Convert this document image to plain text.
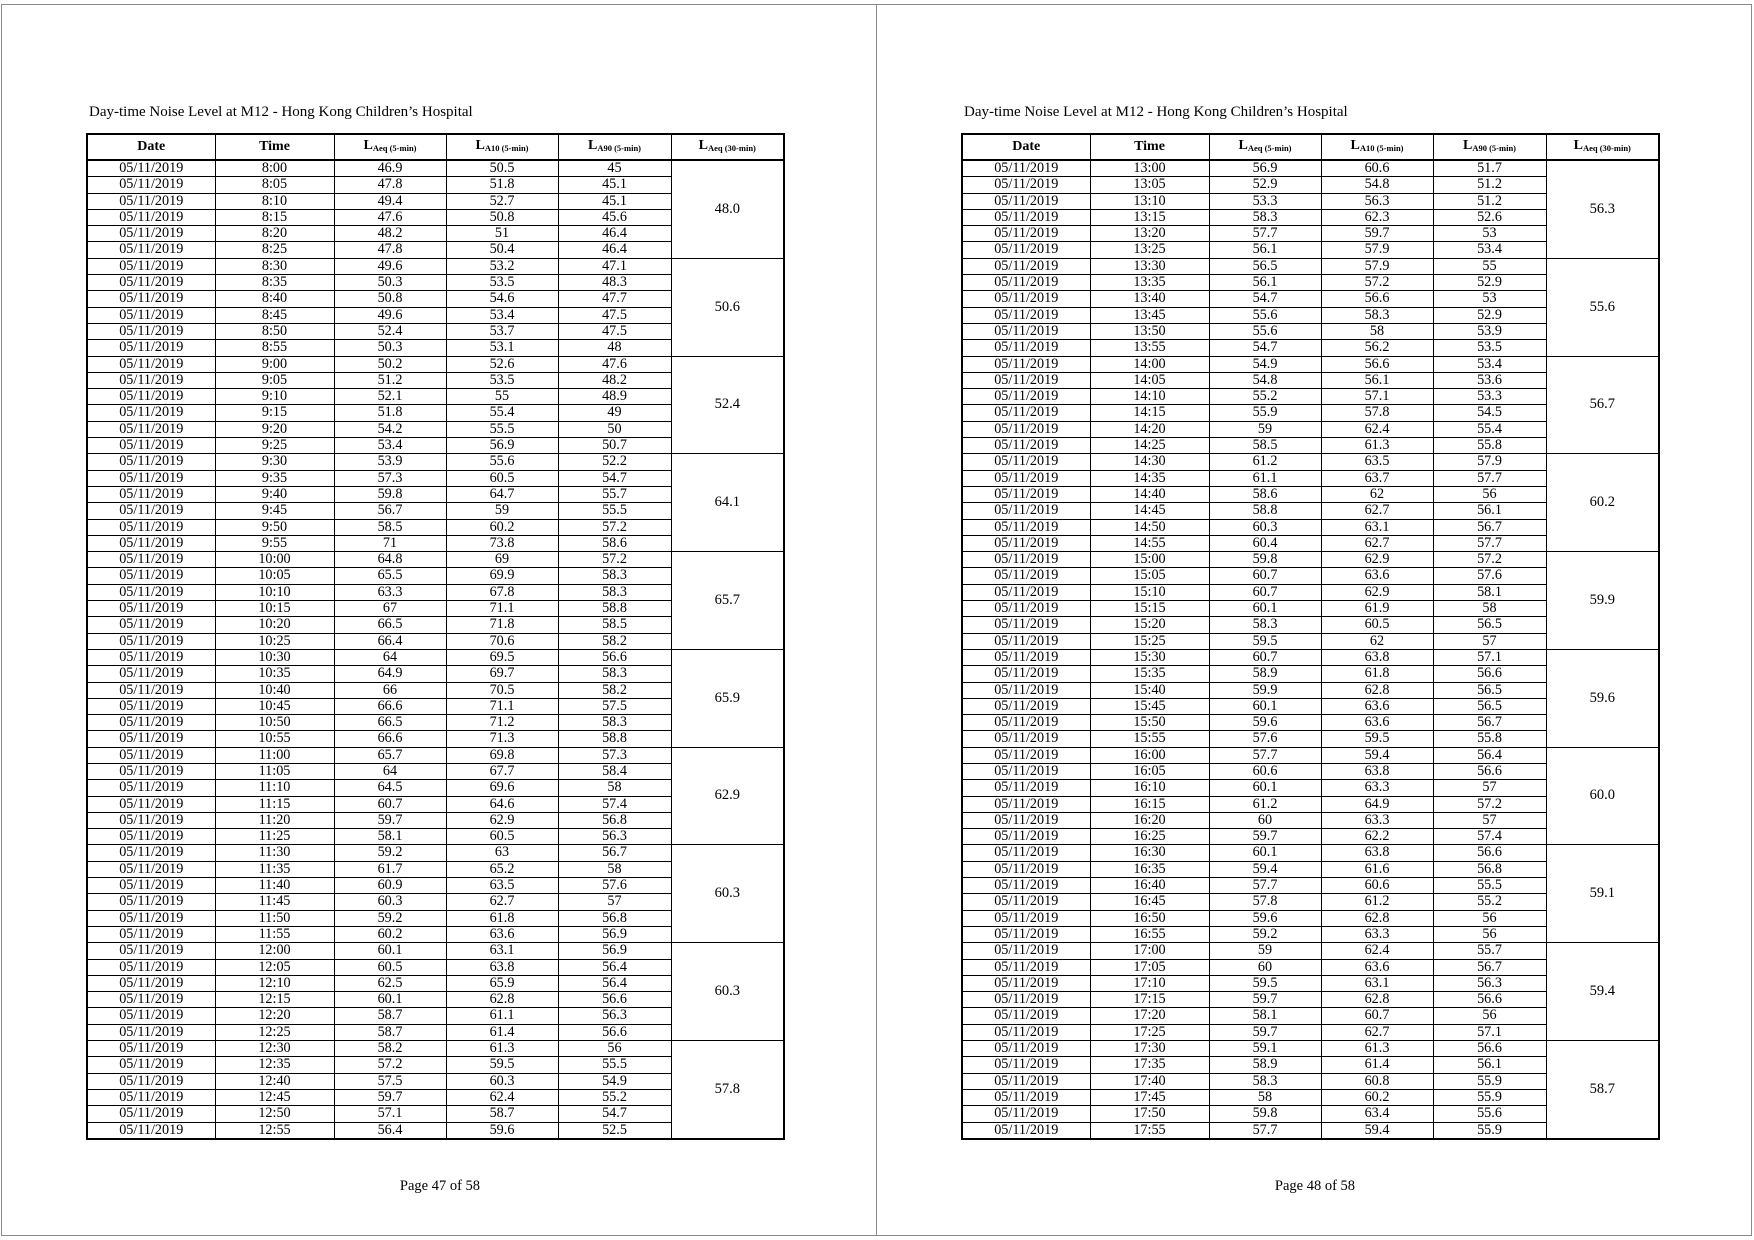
Day-time Noise Level at M12 - Hong Kong Children’s Hospital
Date	Time	$L_{Aeq (5-min)}$	$L_{A10 (5-min)}$	$L_{A90 (5-min)}$	$L_{Aeq (30-min)}$
05/11/2019	8:00	46.9	50.5	45	48.0
05/11/2019	8:05	47.8	51.8	45.1	
05/11/2019	8:10	49.4	52.7	45.1	
05/11/2019	8:15	47.6	50.8	45.6	
05/11/2019	8:20	48.2	51	46.4	
05/11/2019	8:25	47.8	50.4	46.4	
05/11/2019	8:30	49.6	53.2	47.1	50.6
05/11/2019	8:35	50.3	53.5	48.3	
05/11/2019	8:40	50.8	54.6	47.7	
05/11/2019	8:45	49.6	53.4	47.5	
05/11/2019	8:50	52.4	53.7	47.5	
05/11/2019	8:55	50.3	53.1	48	
05/11/2019	9:00	50.2	52.6	47.6	52.4
05/11/2019	9:05	51.2	53.5	48.2	
05/11/2019	9:10	52.1	55	48.9	
05/11/2019	9:15	51.8	55.4	49	
05/11/2019	9:20	54.2	55.5	50	
05/11/2019	9:25	53.4	56.9	50.7	
05/11/2019	9:30	53.9	55.6	52.2	64.1
05/11/2019	9:35	57.3	60.5	54.7	
05/11/2019	9:40	59.8	64.7	55.7	
05/11/2019	9:45	56.7	59	55.5	
05/11/2019	9:50	58.5	60.2	57.2	
05/11/2019	9:55	71	73.8	58.6	
05/11/2019	10:00	64.8	69	57.2	65.7
05/11/2019	10:05	65.5	69.9	58.3	
05/11/2019	10:10	63.3	67.8	58.3	
05/11/2019	10:15	67	71.1	58.8	
05/11/2019	10:20	66.5	71.8	58.5	
05/11/2019	10:25	66.4	70.6	58.2	
05/11/2019	10:30	64	69.5	56.6	65.9
05/11/2019	10:35	64.9	69.7	58.3	
05/11/2019	10:40	66	70.5	58.2	
05/11/2019	10:45	66.6	71.1	57.5	
05/11/2019	10:50	66.5	71.2	58.3	
05/11/2019	10:55	66.6	71.3	58.8	
05/11/2019	11:00	65.7	69.8	57.3	62.9
05/11/2019	11:05	64	67.7	58.4	
05/11/2019	11:10	64.5	69.6	58	
05/11/2019	11:15	60.7	64.6	57.4	
05/11/2019	11:20	59.7	62.9	56.8	
05/11/2019	11:25	58.1	60.5	56.3	
05/11/2019	11:30	59.2	63	56.7	60.3
05/11/2019	11:35	61.7	65.2	58	
05/11/2019	11:40	60.9	63.5	57.6	
05/11/2019	11:45	60.3	62.7	57	
05/11/2019	11:50	59.2	61.8	56.8	
05/11/2019	11:55	60.2	63.6	56.9	
05/11/2019	12:00	60.1	63.1	56.9	60.3
05/11/2019	12:05	60.5	63.8	56.4	
05/11/2019	12:10	62.5	65.9	56.4	
05/11/2019	12:15	60.1	62.8	56.6	
05/11/2019	12:20	58.7	61.1	56.3	
05/11/2019	12:25	58.7	61.4	56.6	
05/11/2019	12:30	58.2	61.3	56	57.8
05/11/2019	12:35	57.2	59.5	55.5	
05/11/2019	12:40	57.5	60.3	54.9	
05/11/2019	12:45	59.7	62.4	55.2	
05/11/2019	12:50	57.1	58.7	54.7	
05/11/2019	12:55	56.4	59.6	52.5	
Page 47 of 58
Day-time Noise Level at M12 - Hong Kong Children’s Hospital
Date	Time	$L_{Aeq (5-min)}$	$L_{A10 (5-min)}$	$L_{A90 (5-min)}$	$L_{Aeq (30-min)}$
05/11/2019	13:00	56.9	60.6	51.7	56.3
05/11/2019	13:05	52.9	54.8	51.2	
05/11/2019	13:10	53.3	56.3	51.2	
05/11/2019	13:15	58.3	62.3	52.6	
05/11/2019	13:20	57.7	59.7	53	
05/11/2019	13:25	56.1	57.9	53.4	
05/11/2019	13:30	56.5	57.9	55	55.6
05/11/2019	13:35	56.1	57.2	52.9	
05/11/2019	13:40	54.7	56.6	53	
05/11/2019	13:45	55.6	58.3	52.9	
05/11/2019	13:50	55.6	58	53.9	
05/11/2019	13:55	54.7	56.2	53.5	
05/11/2019	14:00	54.9	56.6	53.4	56.7
05/11/2019	14:05	54.8	56.1	53.6	
05/11/2019	14:10	55.2	57.1	53.3	
05/11/2019	14:15	55.9	57.8	54.5	
05/11/2019	14:20	59	62.4	55.4	
05/11/2019	14:25	58.5	61.3	55.8	
05/11/2019	14:30	61.2	63.5	57.9	60.2
05/11/2019	14:35	61.1	63.7	57.7	
05/11/2019	14:40	58.6	62	56	
05/11/2019	14:45	58.8	62.7	56.1	
05/11/2019	14:50	60.3	63.1	56.7	
05/11/2019	14:55	60.4	62.7	57.7	
05/11/2019	15:00	59.8	62.9	57.2	59.9
05/11/2019	15:05	60.7	63.6	57.6	
05/11/2019	15:10	60.7	62.9	58.1	
05/11/2019	15:15	60.1	61.9	58	
05/11/2019	15:20	58.3	60.5	56.5	
05/11/2019	15:25	59.5	62	57	
05/11/2019	15:30	60.7	63.8	57.1	59.6
05/11/2019	15:35	58.9	61.8	56.6	
05/11/2019	15:40	59.9	62.8	56.5	
05/11/2019	15:45	60.1	63.6	56.5	
05/11/2019	15:50	59.6	63.6	56.7	
05/11/2019	15:55	57.6	59.5	55.8	
05/11/2019	16:00	57.7	59.4	56.4	60.0
05/11/2019	16:05	60.6	63.8	56.6	
05/11/2019	16:10	60.1	63.3	57	
05/11/2019	16:15	61.2	64.9	57.2	
05/11/2019	16:20	60	63.3	57	
05/11/2019	16:25	59.7	62.2	57.4	
05/11/2019	16:30	60.1	63.8	56.6	59.1
05/11/2019	16:35	59.4	61.6	56.8	
05/11/2019	16:40	57.7	60.6	55.5	
05/11/2019	16:45	57.8	61.2	55.2	
05/11/2019	16:50	59.6	62.8	56	
05/11/2019	16:55	59.2	63.3	56	
05/11/2019	17:00	59	62.4	55.7	59.4
05/11/2019	17:05	60	63.6	56.7	
05/11/2019	17:10	59.5	63.1	56.3	
05/11/2019	17:15	59.7	62.8	56.6	
05/11/2019	17:20	58.1	60.7	56	
05/11/2019	17:25	59.7	62.7	57.1	
05/11/2019	17:30	59.1	61.3	56.6	58.7
05/11/2019	17:35	58.9	61.4	56.1	
05/11/2019	17:40	58.3	60.8	55.9	
05/11/2019	17:45	58	60.2	55.9	
05/11/2019	17:50	59.8	63.4	55.6	
05/11/2019	17:55	57.7	59.4	55.9	
Page 48 of 58
